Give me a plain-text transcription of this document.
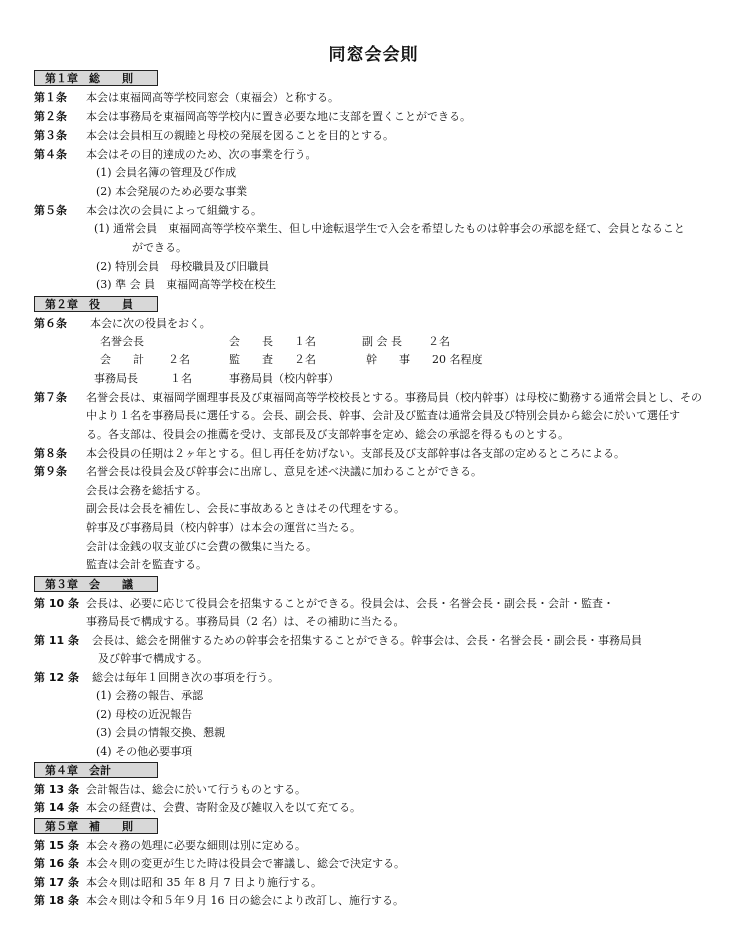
同窓会会則
第１章　総　　則
第１条 本会は東福岡高等学校同窓会（東福会）と称する。
第２条 本会は事務局を東福岡高等学校内に置き必要な地に支部を置くことができる。
第３条 本会は会員相互の親睦と母校の発展を図ることを目的とする。
第４条 本会はその目的達成のため、次の事業を行う。
(1) 会員名簿の管理及び作成
(2) 本会発展のため必要な事業
第５条 本会は次の会員によって組織する。
(1) 通常会員　東福岡高等学校卒業生、但し中途転退学生で入会を希望したものは幹事会の承認を経て、会員となること
ができる。
(2) 特別会員　母校職員及び旧職員
(3) 準 会 員　東福岡高等学校在校生
第２章　役　　員
第６条 本会に次の役員をおく。
名誉会長	会　　長 １名	副 会 長 ２名
会　　計 ２名	監　　査 ２名	幹　　事 20 名程度
事務局長	１名	事務局員（校内幹事）
第７条 名誉会長は、東福岡学園理事長及び東福岡高等学校校長とする。事務局員（校内幹事）は母校に勤務する通常会員とし、その
中より１名を事務局長に選任する。会長、副会長、幹事、会計及び監査は通常会員及び特別会員から総会に於いて選任す
る。各支部は、役員会の推薦を受け、支部長及び支部幹事を定め、総会の承認を得るものとする。
第８条 本会役員の任期は２ヶ年とする。但し再任を妨げない。支部長及び支部幹事は各支部の定めるところによる。
第９条 名誉会長は役員会及び幹事会に出席し、意見を述べ決議に加わることができる。
会長は会務を総括する。
副会長は会長を補佐し、会長に事故あるときはその代理をする。
幹事及び事務局員（校内幹事）は本会の運営に当たる。
会計は金銭の収支並びに会費の徴集に当たる。
監査は会計を監査する。
第３章　会　　議
第 10 条 会長は、必要に応じて役員会を招集することができる。役員会は、会長・名誉会長・副会長・会計・監査・
事務局長で構成する。事務局員（2 名）は、その補助に当たる。
第 11 条 会長は、総会を開催するための幹事会を招集することができる。幹事会は、会長・名誉会長・副会長・事務局員
及び幹事で構成する。
第 12 条 総会は毎年１回開き次の事項を行う。
(1) 会務の報告、承認
(2) 母校の近況報告
(3) 会員の情報交換、懇親
(4) その他必要事項
第４章　会計
第 13 条 会計報告は、総会に於いて行うものとする。
第 14 条 本会の経費は、会費、寄附金及び雑収入を以て充てる。
第５章　補　　則
第 15 条 本会々務の処理に必要な細則は別に定める。
第 16 条 本会々則の変更が生じた時は役員会で審議し、総会で決定する。
第 17 条 本会々則は昭和 35 年 8 月 7 日より施行する。
第 18 条 本会々則は令和５年９月 16 日の総会により改訂し、施行する。
